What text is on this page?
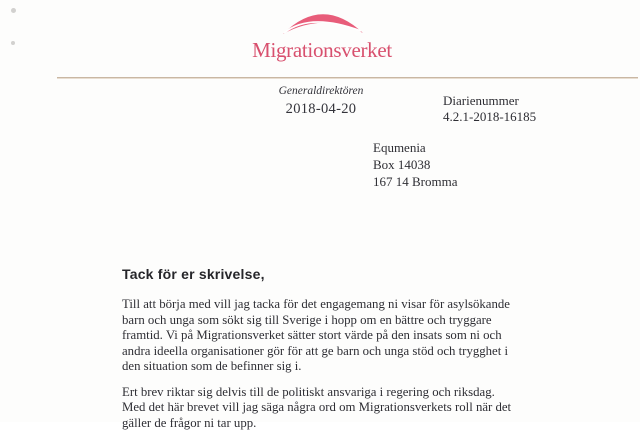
Migrationsverket
Generaldirektören
2018-04-20
Diarienummer
4.2.1-2018-16185
Equmenia
Box 14038
167 14 Bromma
Tack för er skrivelse,
Till att börja med vill jag tacka för det engagemang ni visar för asylsökande
barn och unga som sökt sig till Sverige i hopp om en bättre och tryggare
framtid. Vi på Migrationsverket sätter stort värde på den insats som ni och
andra ideella organisationer gör för att ge barn och unga stöd och trygghet i
den situation som de befinner sig i.
Ert brev riktar sig delvis till de politiskt ansvariga i regering och riksdag.
Med det här brevet vill jag säga några ord om Migrationsverkets roll när det
gäller de frågor ni tar upp.
